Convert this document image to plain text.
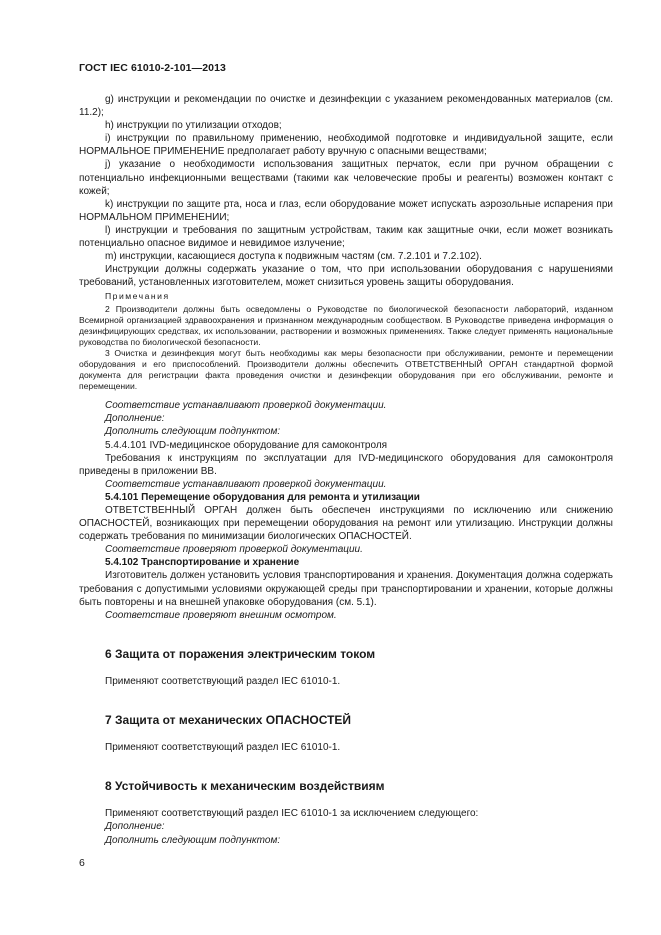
ГОСТ IEC 61010-2-101—2013

g) инструкции и рекомендации по очистке и дезинфекции с указанием рекомендованных материалов (см. 11.2);

h) инструкции по утилизации отходов;

i) инструкции по правильному применению, необходимой подготовке и индивидуальной защите, если НОРМАЛЬНОЕ ПРИМЕНЕНИЕ предполагает работу вручную с опасными веществами;

j) указание о необходимости использования защитных перчаток, если при ручном обращении с потенциально инфекционными веществами (такими как человеческие пробы и реагенты) возможен контакт с кожей;

k) инструкции по защите рта, носа и глаз, если оборудование может испускать аэрозольные испарения при НОРМАЛЬНОМ ПРИМЕНЕНИИ;

l) инструкции и требования по защитным устройствам, таким как защитные очки, если может возникать потенциально опасное видимое и невидимое излучение;

m) инструкции, касающиеся доступа к подвижным частям (см. 7.2.101 и 7.2.102).

Инструкции должны содержать указание о том, что при использовании оборудования с нарушениями требований, установленных изготовителем, может снизиться уровень защиты оборудования.

Примечания

2 Производители должны быть осведомлены о Руководстве по биологической безопасности лабораторий, изданном Всемирной организацией здравоохранения и признанном международным сообществом. В Руководстве приведена информация о дезинфицирующих средствах, их использовании, растворении и возможных применениях. Также следует применять национальные руководства по биологической безопасности.

3 Очистка и дезинфекция могут быть необходимы как меры безопасности при обслуживании, ремонте и перемещении оборудования и его приспособлений. Производители должны обеспечить ОТВЕТСТВЕННЫЙ ОРГАН стандартной формой документа для регистрации факта проведения очистки и дезинфекции оборудования при его обслуживании, ремонте и перемещении.

Соответствие устанавливают проверкой документации.

Дополнение:

Дополнить следующим подпунктом:

5.4.4.101 IVD-медицинское оборудование для самоконтроля

Требования к инструкциям по эксплуатации для IVD-медицинского оборудования для самоконтроля приведены в приложении ВВ.

Соответствие устанавливают проверкой документации.

5.4.101 Перемещение оборудования для ремонта и утилизации

ОТВЕТСТВЕННЫЙ ОРГАН должен быть обеспечен инструкциями по исключению или снижению ОПАСНОСТЕЙ, возникающих при перемещении оборудования на ремонт или утилизацию. Инструкции должны содержать требования по минимизации биологических ОПАСНОСТЕЙ.

Соответствие проверяют проверкой документации.

5.4.102 Транспортирование и хранение

Изготовитель должен установить условия транспортирования и хранения. Документация должна содержать требования с допустимыми условиями окружающей среды при транспортировании и хранении, которые должны быть повторены и на внешней упаковке оборудования (см. 5.1).

Соответствие проверяют внешним осмотром.

6 Защита от поражения электрическим током

Применяют соответствующий раздел IEC 61010-1.

7 Защита от механических ОПАСНОСТЕЙ

Применяют соответствующий раздел IEC 61010-1.

8 Устойчивость к механическим воздействиям

Применяют соответствующий раздел IEC 61010-1 за исключением следующего:

Дополнение:

Дополнить следующим подпунктом:

6
